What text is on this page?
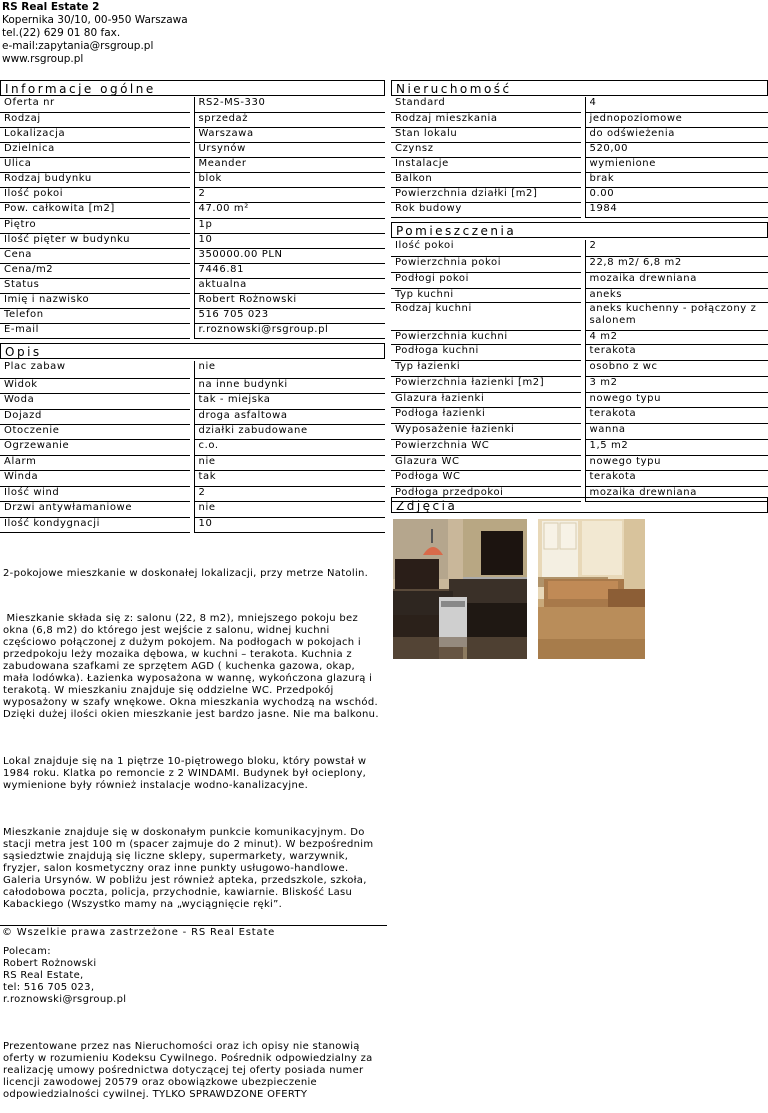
RS Real Estate 2
Kopernika 30/10, 00-950 Warszawa
tel.(22) 629 01 80 fax.
e-mail:zapytania@rsgroup.pl
www.rsgroup.pl
Informacje ogólne	Nieruchomość
Oferta nr		RS2-MS-330
Rodzaj		sprzedaż
Lokalizacja		Warszawa
Dzielnica		Ursynów
Ulica		Meander
Rodzaj budynku		blok
Ilość pokoi		2
Pow. całkowita [m2]		47.00 m²
Piętro		1p
Ilość pięter w budynku		10
Cena		350000.00 PLN
Cena/m2		7446.81
Status		aktualna
Imię i nazwisko		Robert Rożnowski
Telefon		516 705 023
E-mail		r.roznowski@rsgroup.pl
Standard		4
Rodzaj mieszkania		jednopoziomowe
Stan lokalu		do odświeżenia
Czynsz		520,00
Instalacje		wymienione
Balkon		brak
Powierzchnia działki [m2]		0.00
Rok budowy		1984
Pomieszczenia
Ilość pokoi		2
Powierzchnia pokoi		22,8 m2/ 6,8 m2
Podłogi pokoi		mozaika drewniana
Typ kuchni		aneks
Rodzaj kuchni		aneks kuchenny - połączony z salonem
Powierzchnia kuchni		4 m2
Podłoga kuchni		terakota
Typ łazienki		osobno z wc
Powierzchnia łazienki [m2]		3 m2
Glazura łazienki		nowego typu
Podłoga łazienki		terakota
Wyposażenie łazienki		wanna
Powierzchnia WC		1,5 m2
Glazura WC		nowego typu
Podłoga WC		terakota
Podłoga przedpokoi		mozaika drewniana
Opis
Plac zabaw		nie
Widok		na inne budynki
Woda		tak - miejska
Dojazd		droga asfaltowa
Otoczenie		działki zabudowane
Ogrzewanie		c.o.
Alarm		nie
Winda		tak
Ilość wind		2
Drzwi antywłamaniowe		nie
Ilość kondygnacji		10

2-pokojowe mieszkanie w doskonałej lokalizacji, przy metrze Natolin.

Mieszkanie składa się z: salonu (22, 8 m2), mniejszego pokoju bez okna (6,8 m2) do którego jest wejście z salonu, widnej kuchni częściowo połączonej z dużym pokojem. Na podłogach w pokojach i przedpokoju leży mozaika dębowa, w kuchni – terakota. Kuchnia z zabudowana szafkami ze sprzętem AGD ( kuchenka gazowa, okap, mała lodówka). Łazienka wyposażona w wannę, wykończona glazurą i terakotą. W mieszkaniu znajduje się oddzielne WC. Przedpokój wyposażony w szafy wnękowe. Okna mieszkania wychodzą na wschód. Dzięki dużej ilości okien mieszkanie jest bardzo jasne. Nie ma balkonu.

Lokal znajduje się na 1 piętrze 10-piętrowego bloku, który powstał w 1984 roku. Klatka po remoncie z 2 WINDAMI. Budynek był ocieplony, wymienione były również instalacje wodno-kanalizacyjne.

Mieszkanie znajduje się w doskonałym punkcie komunikacyjnym. Do stacji metra jest 100 m (spacer zajmuje do 2 minut). W bezpośrednim sąsiedztwie znajdują się liczne sklepy, supermarkety, warzywnik, fryzjer, salon kosmetyczny oraz inne punkty usługowo-handlowe. Galeria Ursynów. W pobliżu jest również apteka, przedszkole, szkoła, całodobowa poczta, policja, przychodnie, kawiarnie. Bliskość Lasu Kabackiego (Wszystko mamy na „wyciągnięcie ręki”.

Polecam:
Robert Rożnowski
RS Real Estate,
tel: 516 705 023,
r.roznowski@rsgroup.pl

Prezentowane przez nas Nieruchomości oraz ich opisy nie stanowią oferty w rozumieniu Kodeksu Cywilnego. Pośrednik odpowiedzialny za realizację umowy pośrednictwa dotyczącej tej oferty posiada numer licencji zawodowej 20579 oraz obowiązkowe ubezpieczenie odpowiedzialności cywilnej. TYLKO SPRAWDZONE OFERTY

© Wszelkie prawa zastrzeżone - RS Real Estate
Zdjęcia
